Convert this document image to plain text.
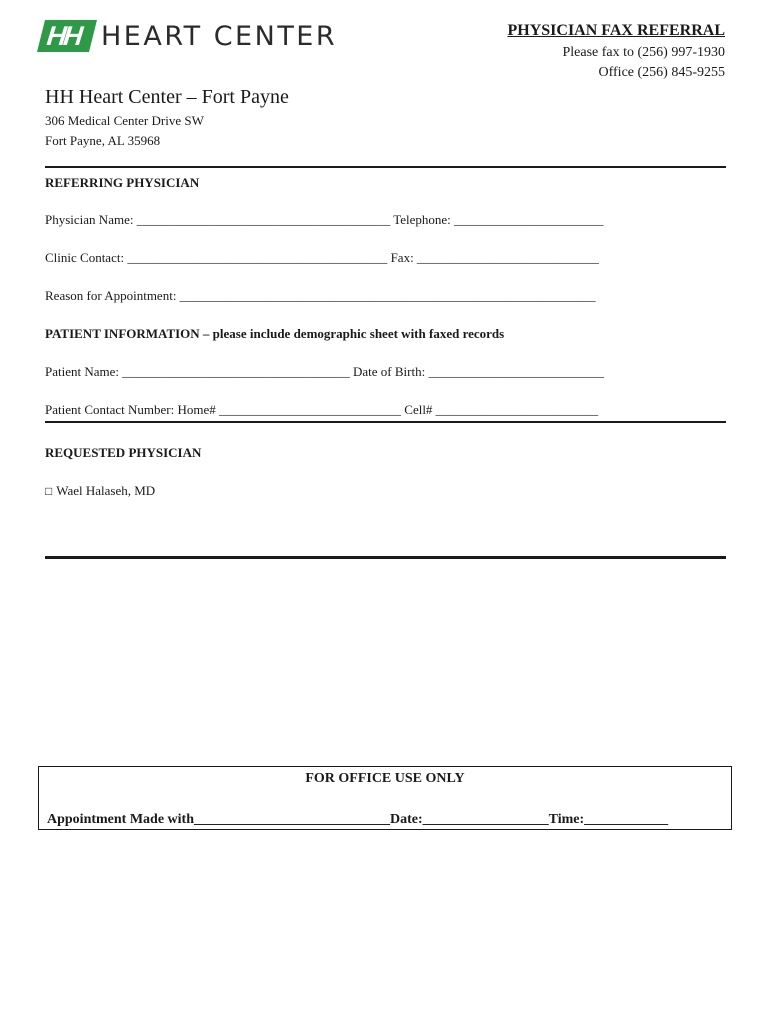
HH HEART CENTER	PHYSICIAN FAX REFERRAL
Please fax to (256) 997-1930
Office (256) 845-9255
HH Heart Center – Fort Payne
306 Medical Center Drive SW
Fort Payne, AL 35968
REFERRING PHYSICIAN
Physician Name: _______________________________________ Telephone: _______________________
Clinic Contact: ________________________________________ Fax: ____________________________
Reason for Appointment: ________________________________________________________________
PATIENT INFORMATION – please include demographic sheet with faxed records
Patient Name: ___________________________________ Date of Birth: ___________________________
Patient Contact Number: Home# ____________________________ Cell# _________________________
REQUESTED PHYSICIAN
□ Wael Halaseh, MD
FOR OFFICE USE ONLY
Appointment Made with____________________________Date:__________________Time:____________
